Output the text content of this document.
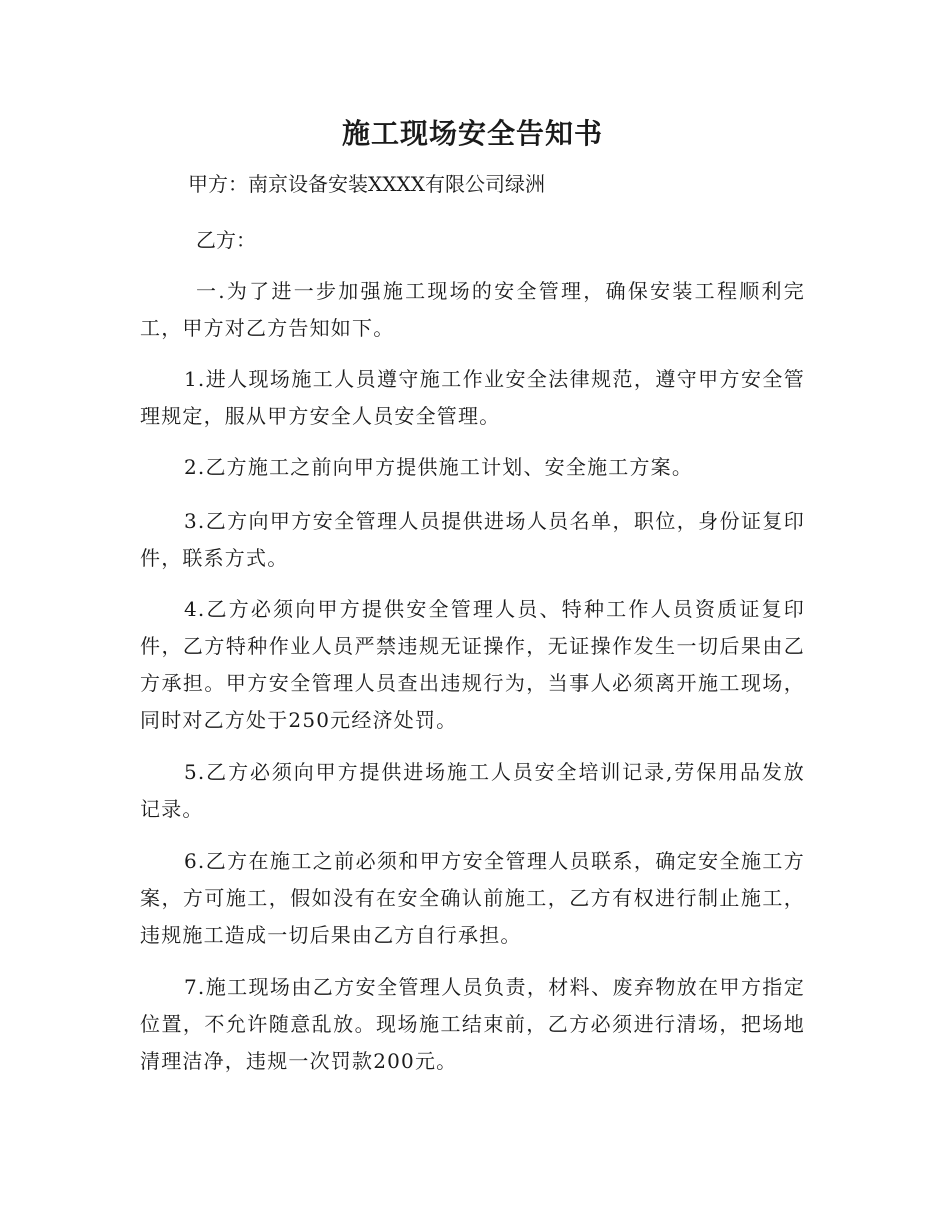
施工现场安全告知书

甲方：南京设备安装XXXX有限公司绿洲

乙方：

一.为了进一步加强施工现场的安全管理，确保安装工程顺利完工，甲方对乙方告知如下。

1.进人现场施工人员遵守施工作业安全法律规范，遵守甲方安全管理规定，服从甲方安全人员安全管理。

2.乙方施工之前向甲方提供施工计划、安全施工方案。

3.乙方向甲方安全管理人员提供进场人员名单，职位，身份证复印件，联系方式。

4.乙方必须向甲方提供安全管理人员、特种工作人员资质证复印件，乙方特种作业人员严禁违规无证操作，无证操作发生一切后果由乙方承担。甲方安全管理人员查出违规行为，当事人必须离开施工现场，同时对乙方处于250元经济处罚。

5.乙方必须向甲方提供进场施工人员安全培训记录,劳保用品发放记录。

6.乙方在施工之前必须和甲方安全管理人员联系，确定安全施工方案，方可施工，假如没有在安全确认前施工，乙方有权进行制止施工，违规施工造成一切后果由乙方自行承担。

7.施工现场由乙方安全管理人员负责，材料、废弃物放在甲方指定位置，不允许随意乱放。现场施工结束前，乙方必须进行清场，把场地清理洁净，违规一次罚款200元。
